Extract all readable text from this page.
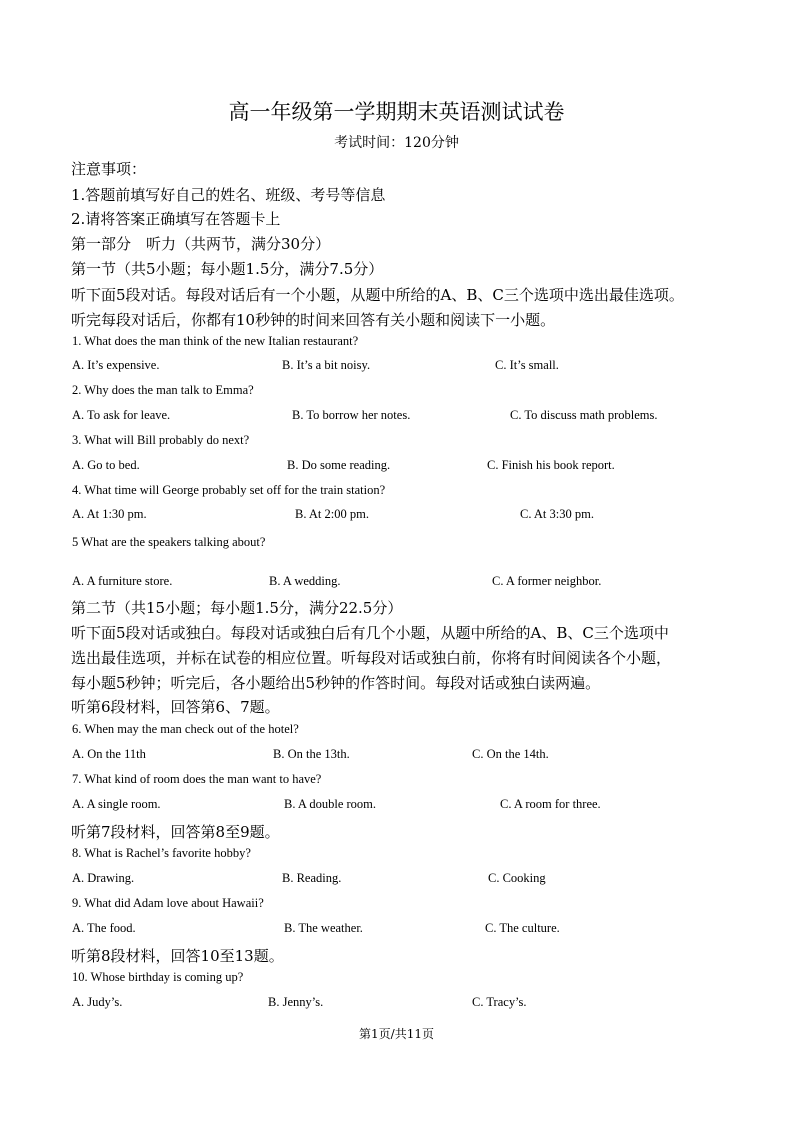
高一年级第一学期期末英语测试试卷
考试时间：120分钟
注意事项：
1.答题前填写好自己的姓名、班级、考号等信息
2.请将答案正确填写在答题卡上
第一部分　听力（共两节，满分30分）
第一节（共5小题；每小题1.5分，满分7.5分）
听下面5段对话。每段对话后有一个小题，从题中所给的A、B、C三个选项中选出最佳选项。
听完每段对话后，你都有10秒钟的时间来回答有关小题和阅读下一小题。
1. What does the man think of the new Italian restaurant?
A. It’s expensive.	B. It’s a bit noisy.	C. It’s small.
2. Why does the man talk to Emma?
A. To ask for leave.	B. To borrow her notes.	C. To discuss math problems.
3. What will Bill probably do next?
A. Go to bed.	B. Do some reading.	C. Finish his book report.
4. What time will George probably set off for the train station?
A. At 1:30 pm.	B. At 2:00 pm.	C. At 3:30 pm.
5 What are the speakers talking about?
A. A furniture store.	B. A wedding.	C. A former neighbor.
第二节（共15小题；每小题1.5分，满分22.5分）
听下面5段对话或独白。每段对话或独白后有几个小题，从题中所给的A、B、C三个选项中
选出最佳选项，并标在试卷的相应位置。听每段对话或独白前，你将有时间阅读各个小题，
每小题5秒钟；听完后，各小题给出5秒钟的作答时间。每段对话或独白读两遍。
听第6段材料，回答第6、7题。
6. When may the man check out of the hotel?
A. On the 11th	B. On the 13th.	C. On the 14th.
7. What kind of room does the man want to have?
A. A single room.	B. A double room.	C. A room for three.
听第7段材料，回答第8至9题。
8. What is Rachel’s favorite hobby?
A. Drawing.	B. Reading.	C. Cooking
9. What did Adam love about Hawaii?
A. The food.	B. The weather.	C. The culture.
听第8段材料，回答10至13题。
10. Whose birthday is coming up?
A. Judy’s.	B. Jenny’s.	C. Tracy’s.
第1页/共11页
